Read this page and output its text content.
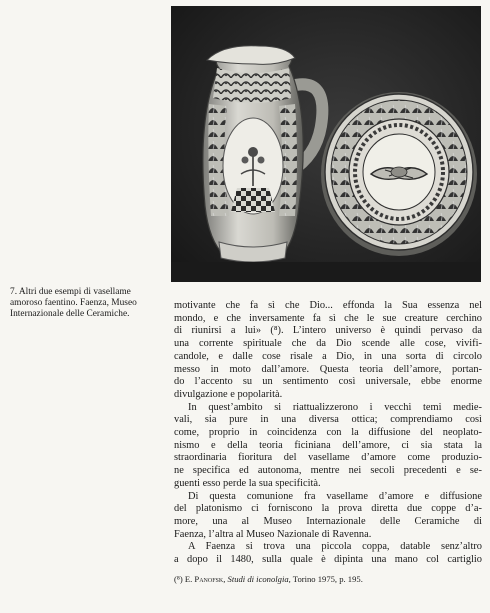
7. Altri due esempi di vasellame
amoroso faentino. Faenza, Museo
Internazionale delle Ceramiche.

motivante che fa sì che Dio... effonda la Sua essenza nel
mondo, e che inversamente fa sì che le sue creature cerchino
di riunirsi a lui» (⁸). L’intero universo è quindi pervaso da
una corrente spirituale che da Dio scende alle cose, vivifi-
candole, e dalle cose risale a Dio, in una sorta di circolo
messo in moto dall’amore. Questa teoria dell’amore, portan-
do l’accento su un sentimento così universale, ebbe enorme
divulgazione e popolarità.

In quest’ambito si riattualizzerono i vecchi temi medie-
vali, sia pure in una diversa ottica; comprendiamo così
come, proprio in coincidenza con la diffusione del neoplato-
nismo e della teoria ficiniana dell’amore, ci sia stata la
straordinaria fioritura del vasellame d’amore come produzio-
ne specifica ed autonoma, mentre nei secoli precedenti e se-
guenti esso perde la sua specificità.

Di questa comunione fra vasellame d’amore e diffusione
del platonismo ci forniscono la prova diretta due coppe d’a-
more, una al Museo Internazionale delle Ceramiche di
Faenza, l’altra al Museo Nazionale di Ravenna.

A Faenza si trova una piccola coppa, datable senz’altro
a dopo il 1480, sulla quale è dipinta una mano col cartiglio

(⁸) E. Panofsk, Studi di iconolgia, Torino 1975, p. 195.
